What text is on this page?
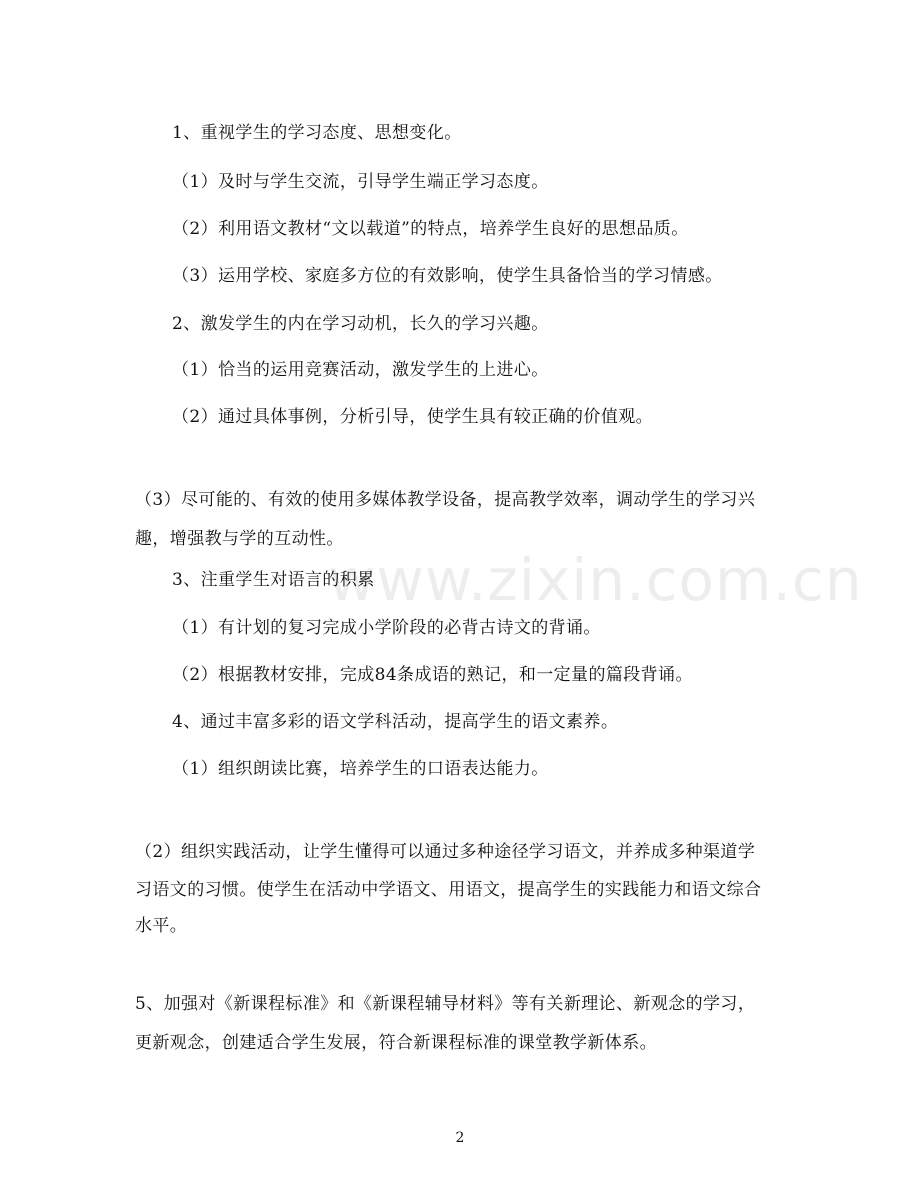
www.zixin.com.cn
1、重视学生的学习态度、思想变化。
（1）及时与学生交流，引导学生端正学习态度。
（2）利用语文教材“文以载道”的特点，培养学生良好的思想品质。
（3）运用学校、家庭多方位的有效影响，使学生具备恰当的学习情感。
2、激发学生的内在学习动机，长久的学习兴趣。
（1）恰当的运用竞赛活动，激发学生的上进心。
（2）通过具体事例，分析引导，使学生具有较正确的价值观。
（3）尽可能的、有效的使用多媒体教学设备，提高教学效率，调动学生的学习兴
趣，增强教与学的互动性。
3、注重学生对语言的积累
（1）有计划的复习完成小学阶段的必背古诗文的背诵。
（2）根据教材安排，完成84条成语的熟记，和一定量的篇段背诵。
4、通过丰富多彩的语文学科活动，提高学生的语文素养。
（1）组织朗读比赛，培养学生的口语表达能力。
（2）组织实践活动，让学生懂得可以通过多种途径学习语文，并养成多种渠道学
习语文的习惯。使学生在活动中学语文、用语文，提高学生的实践能力和语文综合
水平。
5、加强对《新课程标准》和《新课程辅导材料》等有关新理论、新观念的学习，
更新观念，创建适合学生发展，符合新课程标准的课堂教学新体系。
2
